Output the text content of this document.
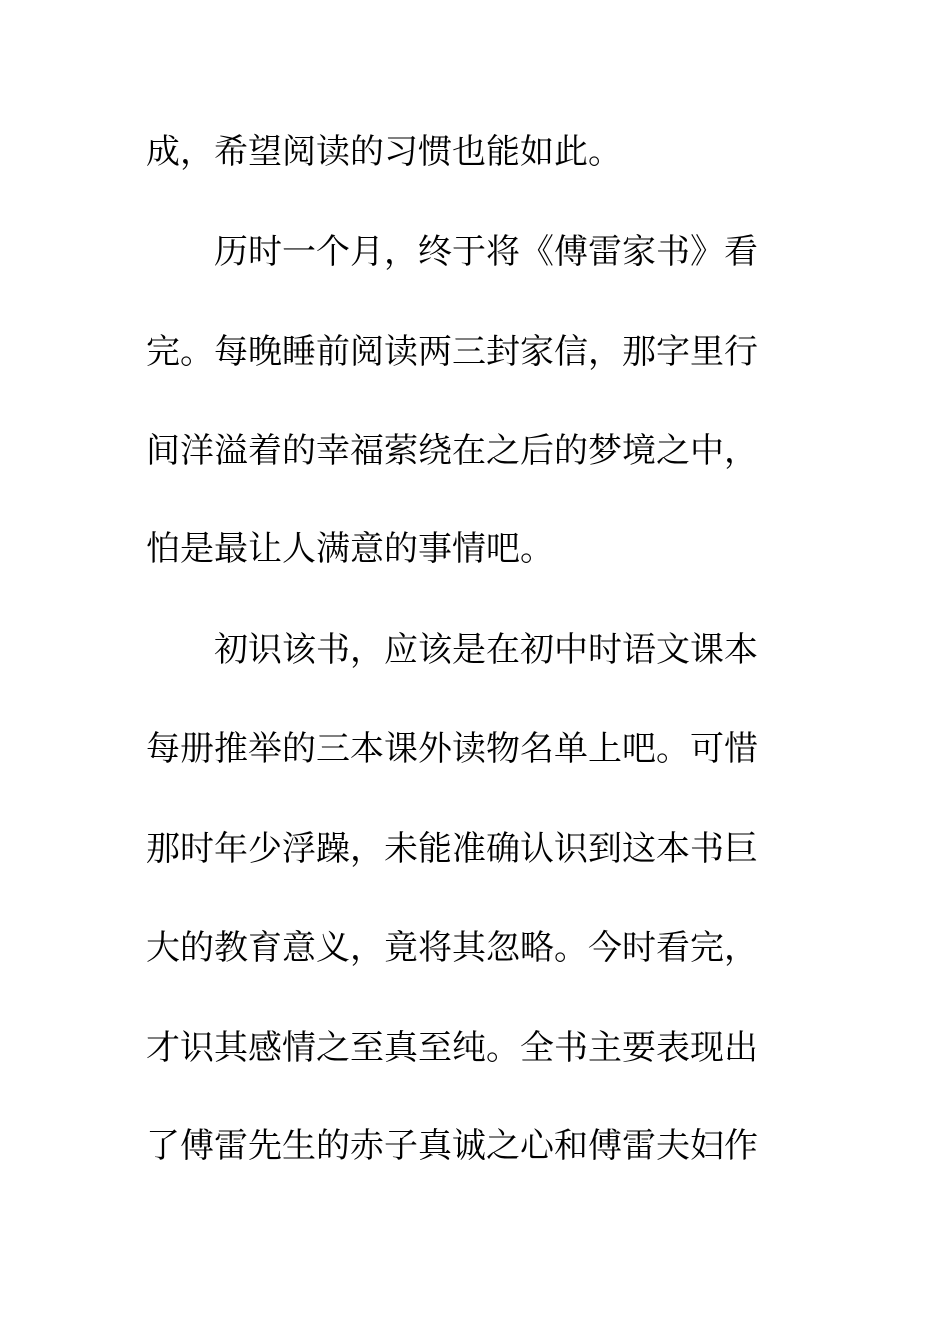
成，希望阅读的习惯也能如此。
历时一个月，终于将《傅雷家书》看
完。每晚睡前阅读两三封家信，那字里行
间洋溢着的幸福萦绕在之后的梦境之中，
怕是最让人满意的事情吧。
初识该书，应该是在初中时语文课本
每册推举的三本课外读物名单上吧。可惜
那时年少浮躁，未能准确认识到这本书巨
大的教育意义，竟将其忽略。今时看完，
才识其感情之至真至纯。全书主要表现出
了傅雷先生的赤子真诚之心和傅雷夫妇作
